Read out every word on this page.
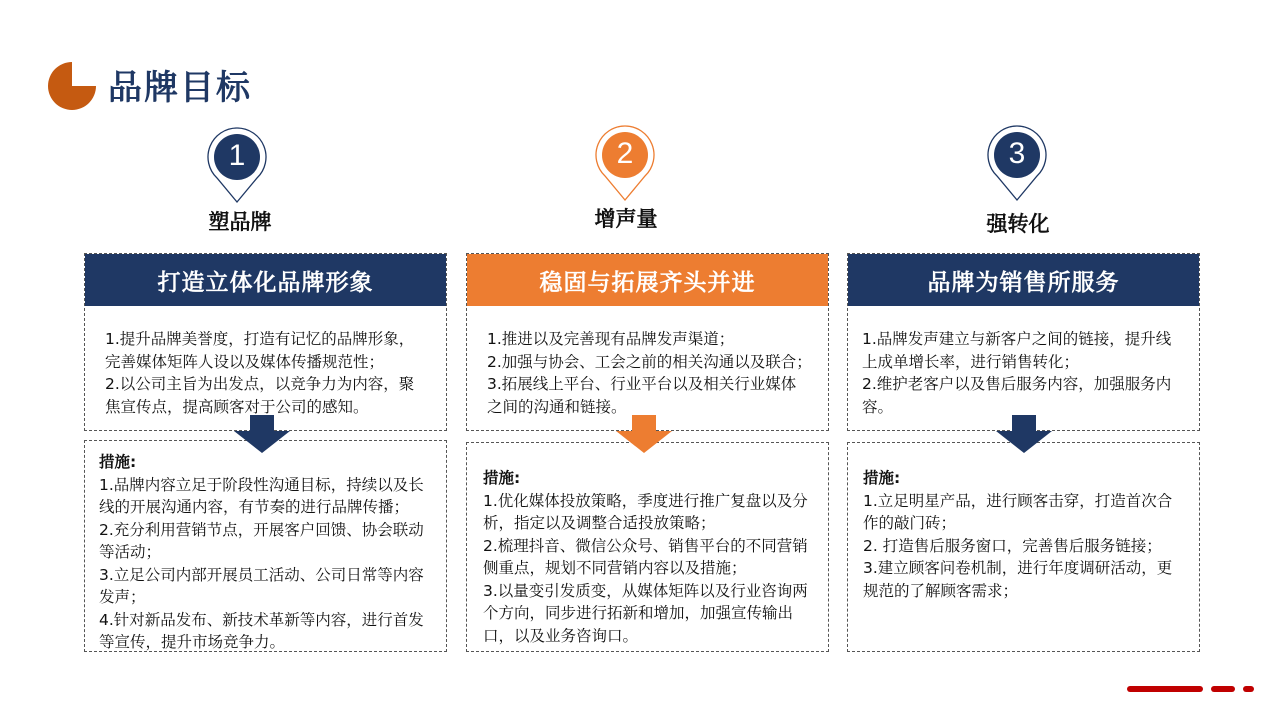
品牌目标
1
塑品牌
2
增声量
3
强转化
打造立体化品牌形象
1.提升品牌美誉度，打造有记忆的品牌形象，
完善媒体矩阵人设以及媒体传播规范性；
2.以公司主旨为出发点，以竞争力为内容，聚
焦宣传点，提高顾客对于公司的感知。
稳固与拓展齐头并进
1.推进以及完善现有品牌发声渠道；
2.加强与协会、工会之前的相关沟通以及联合；
3.拓展线上平台、行业平台以及相关行业媒体
之间的沟通和链接。
品牌为销售所服务
1.品牌发声建立与新客户之间的链接，提升线
上成单增长率，进行销售转化；
2.维护老客户以及售后服务内容，加强服务内
容。
措施:
1.品牌内容立足于阶段性沟通目标，持续以及长
线的开展沟通内容，有节奏的进行品牌传播；
2.充分利用营销节点，开展客户回馈、协会联动
等活动；
3.立足公司内部开展员工活动、公司日常等内容
发声；
4.针对新品发布、新技术革新等内容，进行首发
等宣传，提升市场竞争力。
措施:
1.优化媒体投放策略，季度进行推广复盘以及分
析，指定以及调整合适投放策略；
2.梳理抖音、微信公众号、销售平台的不同营销
侧重点，规划不同营销内容以及措施；
3.以量变引发质变，从媒体矩阵以及行业咨询两
个方向，同步进行拓新和增加，加强宣传输出
口，以及业务咨询口。
措施:
1.立足明星产品，进行顾客击穿，打造首次合
作的敲门砖；
2. 打造售后服务窗口，完善售后服务链接；
3.建立顾客问卷机制，进行年度调研活动，更
规范的了解顾客需求；
